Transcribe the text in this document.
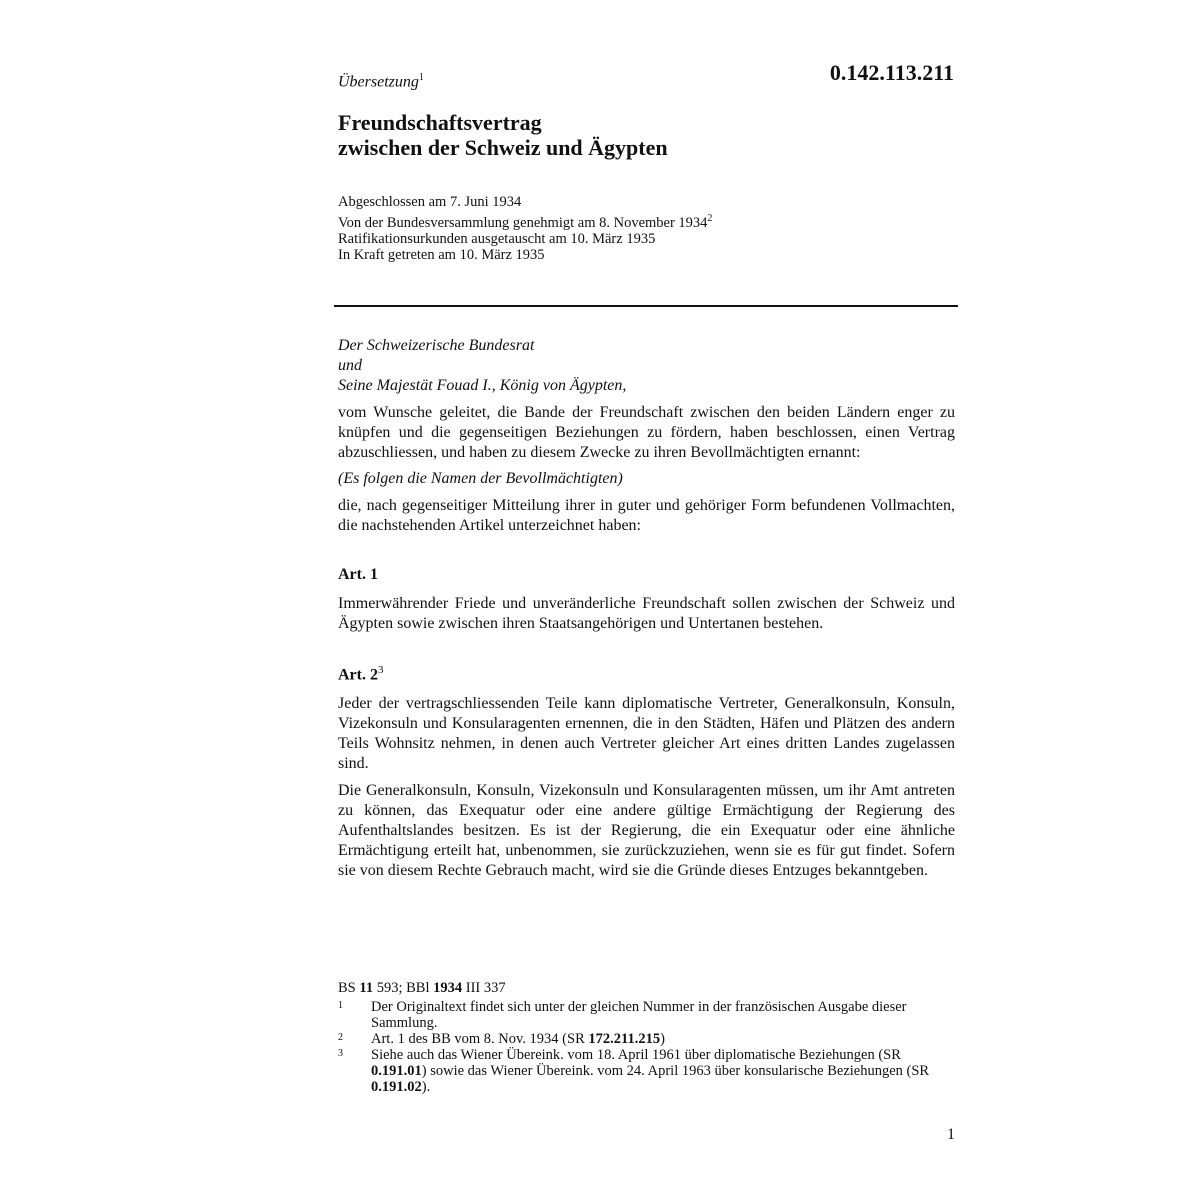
Übersetzung$^1$	0.142.113.211
Freundschaftsvertrag
zwischen der Schweiz und Ägypten
Abgeschlossen am 7. Juni 1934
Von der Bundesversammlung genehmigt am 8. November 1934$^2$
Ratifikationsurkunden ausgetauscht am 10. März 1935
In Kraft getreten am 10. März 1935

Der Schweizerische Bundesrat

und

Seine Majestät Fouad I., König von Ägypten,

vom Wunsche geleitet, die Bande der Freundschaft zwischen den beiden Ländern enger zu knüpfen und die gegenseitigen Beziehungen zu fördern, haben beschlossen, einen Vertrag abzuschliessen, und haben zu diesem Zwecke zu ihren Bevollmächtigten ernannt:

(Es folgen die Namen der Bevollmächtigten)

die, nach gegenseitiger Mitteilung ihrer in guter und gehöriger Form befundenen Vollmachten, die nachstehenden Artikel unterzeichnet haben:

Art. 1

Immerwährender Friede und unveränderliche Freundschaft sollen zwischen der Schweiz und Ägypten sowie zwischen ihren Staatsangehörigen und Untertanen bestehen.

Art. $2^3$

Jeder der vertragschliessenden Teile kann diplomatische Vertreter, Generalkonsuln, Konsuln, Vizekonsuln und Konsularagenten ernennen, die in den Städten, Häfen und Plätzen des andern Teils Wohnsitz nehmen, in denen auch Vertreter gleicher Art eines dritten Landes zugelassen sind.

Die Generalkonsuln, Konsuln, Vizekonsuln und Konsularagenten müssen, um ihr Amt antreten zu können, das Exequatur oder eine andere gültige Ermächtigung der Regierung des Aufenthaltslandes besitzen. Es ist der Regierung, die ein Exequatur oder eine ähnliche Ermächtigung erteilt hat, unbenommen, sie zurückzuziehen, wenn sie es für gut findet. Sofern sie von diesem Rechte Gebrauch macht, wird sie die Gründe dieses Entzuges bekanntgeben.

BS 11 593; BBl 1934 III 337
1	Der Originaltext findet sich unter der gleichen Nummer in der französischen Ausgabe dieser Sammlung.
2	Art. 1 des BB vom 8. Nov. 1934 (SR 172.211.215)
3	Siehe auch das Wiener Übereink. vom 18. April 1961 über diplomatische Beziehungen (SR 0.191.01) sowie das Wiener Übereink. vom 24. April 1963 über konsularische Beziehungen (SR 0.191.02).
1
